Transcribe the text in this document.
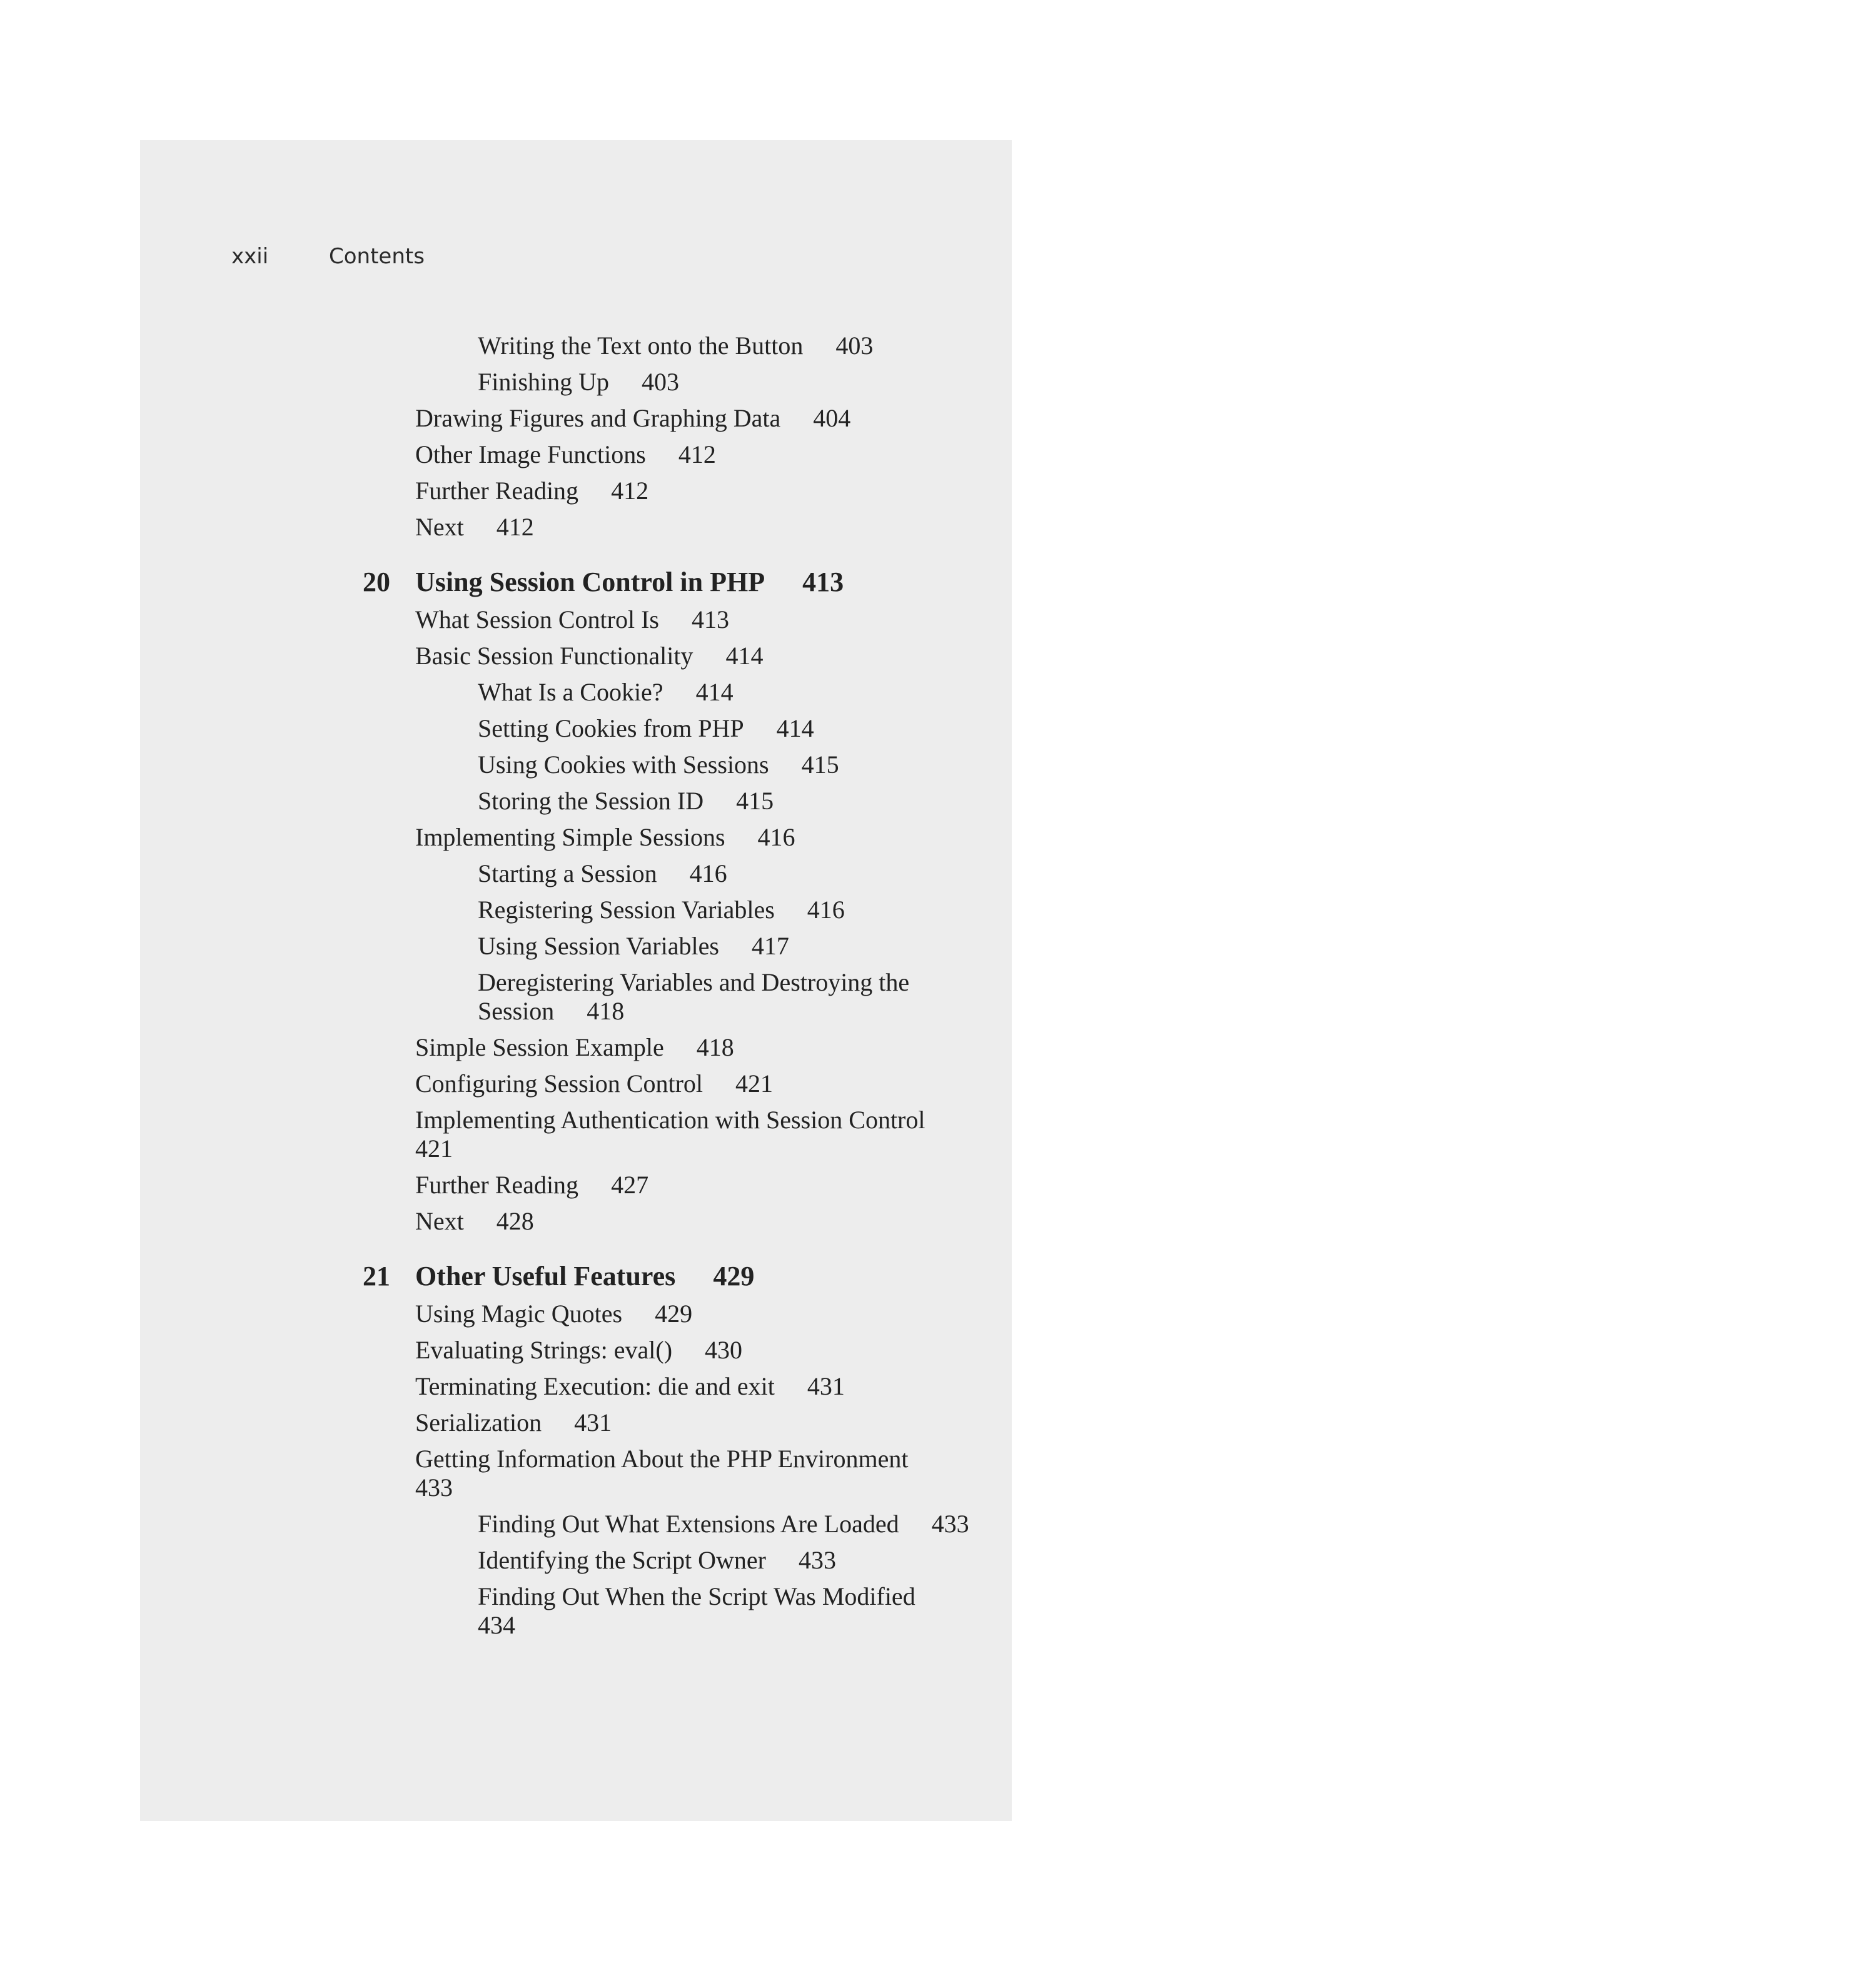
xxii	Contents
Writing the Text onto the Button 403
Finishing Up 403
Drawing Figures and Graphing Data 404
Other Image Functions 412
Further Reading 412
Next 412
20 Using Session Control in PHP 413
What Session Control Is 413
Basic Session Functionality 414
What Is a Cookie? 414
Setting Cookies from PHP 414
Using Cookies with Sessions 415
Storing the Session ID 415
Implementing Simple Sessions 416
Starting a Session 416
Registering Session Variables 416
Using Session Variables 417
Deregistering Variables and Destroying the
Session 418
Simple Session Example 418
Configuring Session Control 421
Implementing Authentication with Session Control
421
Further Reading 427
Next 428
21 Other Useful Features 429
Using Magic Quotes 429
Evaluating Strings: eval() 430
Terminating Execution: die and exit 431
Serialization 431
Getting Information About the PHP Environment
433
Finding Out What Extensions Are Loaded 433
Identifying the Script Owner 433
Finding Out When the Script Was Modified
434
